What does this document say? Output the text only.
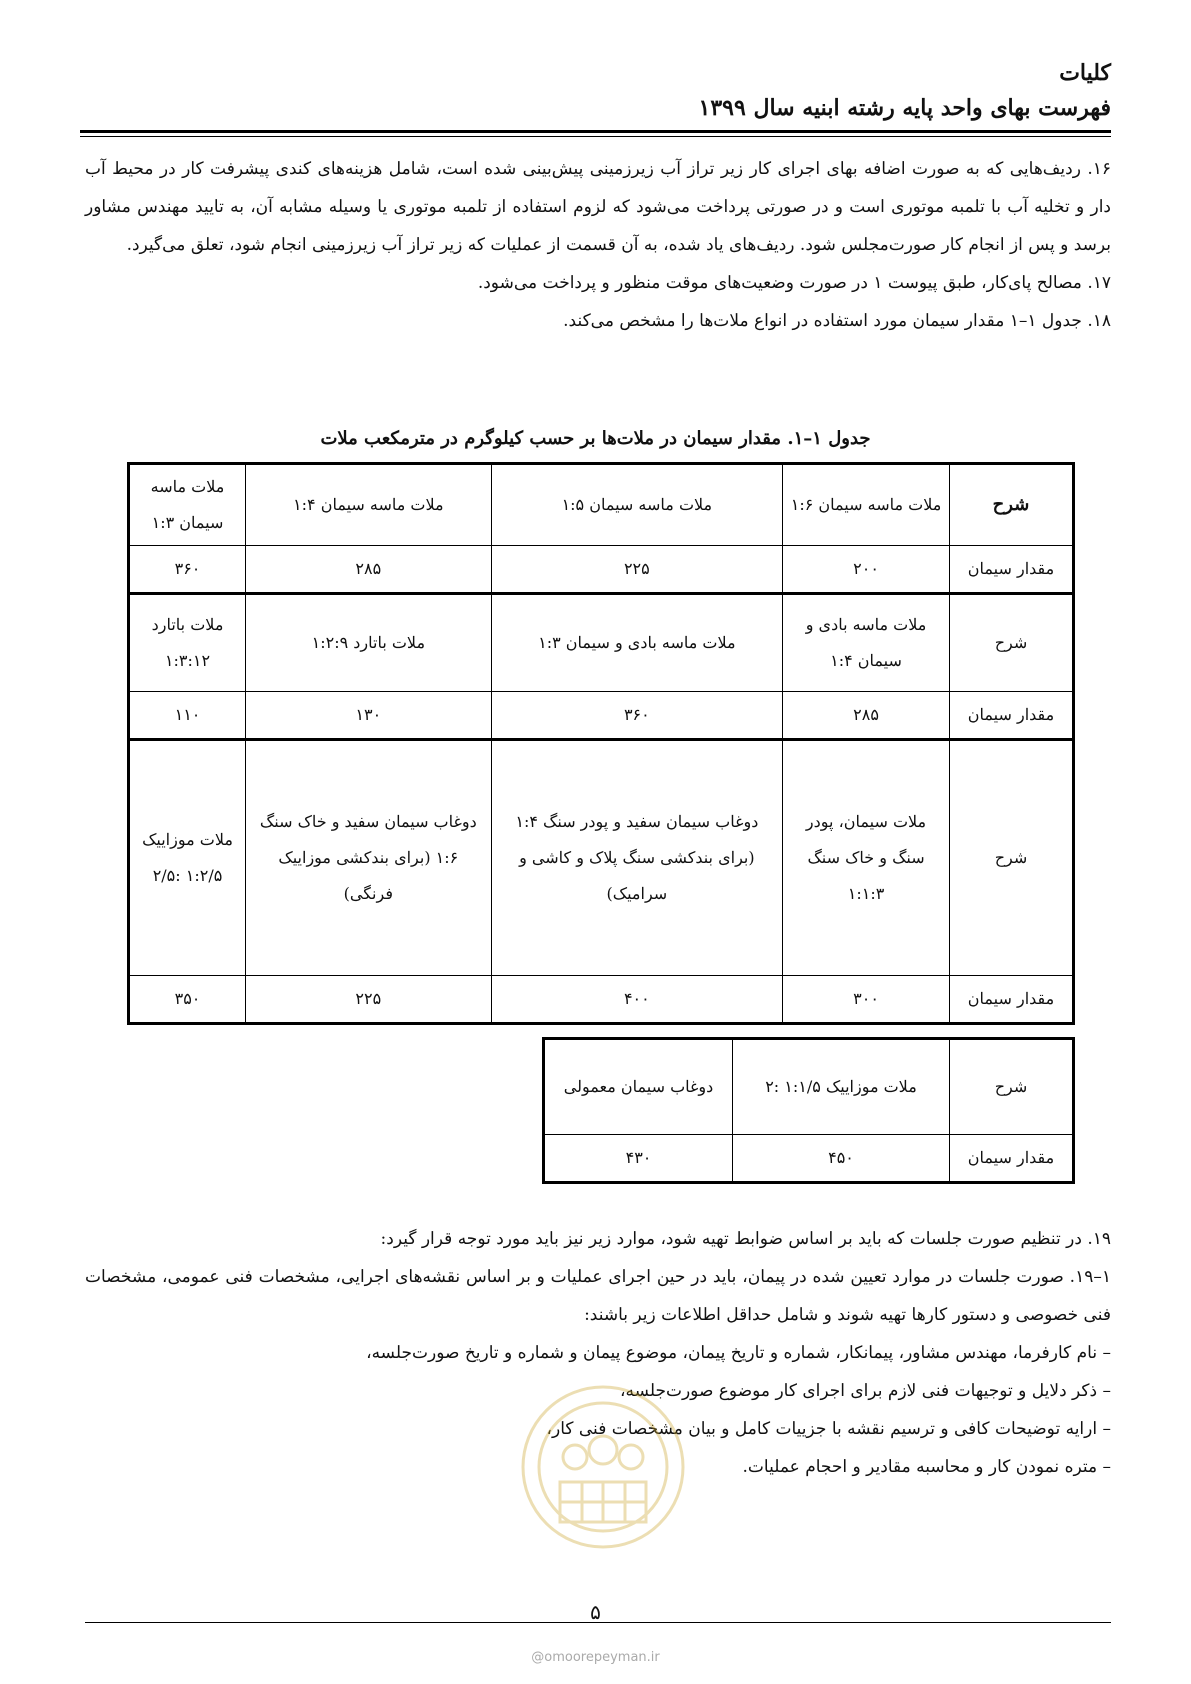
کلیات
فهرست بهای واحد پایه رشته ابنیه سال ۱۳۹۹

۱۶. ردیف‌هایی که به صورت اضافه بهای اجرای کار زیر تراز آب زیرزمینی پیش‌بینی شده است، شامل هزینه‌های کندی پیشرفت کار در محیط آب دار و تخلیه آب با تلمبه موتوری است و در صورتی پرداخت می‌شود که لزوم استفاده از تلمبه موتوری یا وسیله مشابه آن، به تایید مهندس مشاور برسد و پس از انجام کار صورت‌مجلس شود. ردیف‌های یاد شده، به آن قسمت از عملیات که زیر تراز آب زیرزمینی انجام شود، تعلق می‌گیرد.

۱۷. مصالح پای‌کار، طبق پیوست ۱ در صورت وضعیت‌های موقت منظور و پرداخت می‌شود.

۱۸. جدول ۱–۱ مقدار سیمان مورد استفاده در انواع ملات‌ها را مشخص می‌کند.

جدول ۱–۱. مقدار سیمان در ملات‌ها بر حسب کیلوگرم در مترمکعب ملات
شرح	ملات ماسه سیمان ۱:۶	ملات ماسه سیمان ۱:۵	ملات ماسه سیمان ۱:۴	ملات ماسه سیمان ۱:۳
مقدار سیمان	۲۰۰	۲۲۵	۲۸۵	۳۶۰
شرح	ملات ماسه بادی و سیمان ۱:۴	ملات ماسه بادی و سیمان ۱:۳	ملات باتارد ۱:۲:۹	ملات باتارد ۱:۳:۱۲
مقدار سیمان	۲۸۵	۳۶۰	۱۳۰	۱۱۰
شرح	ملات سیمان، پودر سنگ و خاک سنگ ۱:۱:۳	دوغاب سیمان سفید و پودر سنگ ۱:۴ (برای بندکشی سنگ پلاک و کاشی و سرامیک)	دوغاب سیمان سفید و خاک سنگ ۱:۶ (برای بندکشی موزاییک فرنگی)	ملات موزاییک ۱:۲/۵ :۲/۵
مقدار سیمان	۳۰۰	۴۰۰	۲۲۵	۳۵۰
شرح	ملات موزاییک ۱:۱/۵ :۲	دوغاب سیمان معمولی
مقدار سیمان	۴۵۰	۴۳۰

۱۹. در تنظیم صورت جلسات که باید بر اساس ضوابط تهیه شود، موارد زیر نیز باید مورد توجه قرار گیرد:

۱–۱۹. صورت جلسات در موارد تعیین شده در پیمان، باید در حین اجرای عملیات و بر اساس نقشه‌های اجرایی، مشخصات فنی عمومی، مشخصات فنی خصوصی و دستور کارها تهیه شوند و شامل حداقل اطلاعات زیر باشند:

– نام کارفرما، مهندس مشاور، پیمانکار، شماره و تاریخ پیمان، موضوع پیمان و شماره و تاریخ صورت‌جلسه،

– ذکر دلایل و توجیهات فنی لازم برای اجرای کار موضوع صورت‌جلسه،

– ارایه توضیحات کافی و ترسیم نقشه با جزییات کامل و بیان مشخصات فنی کار،

– متره نمودن کار و محاسبه مقادیر و احجام عملیات.

۵
@omoorepeyman.ir
